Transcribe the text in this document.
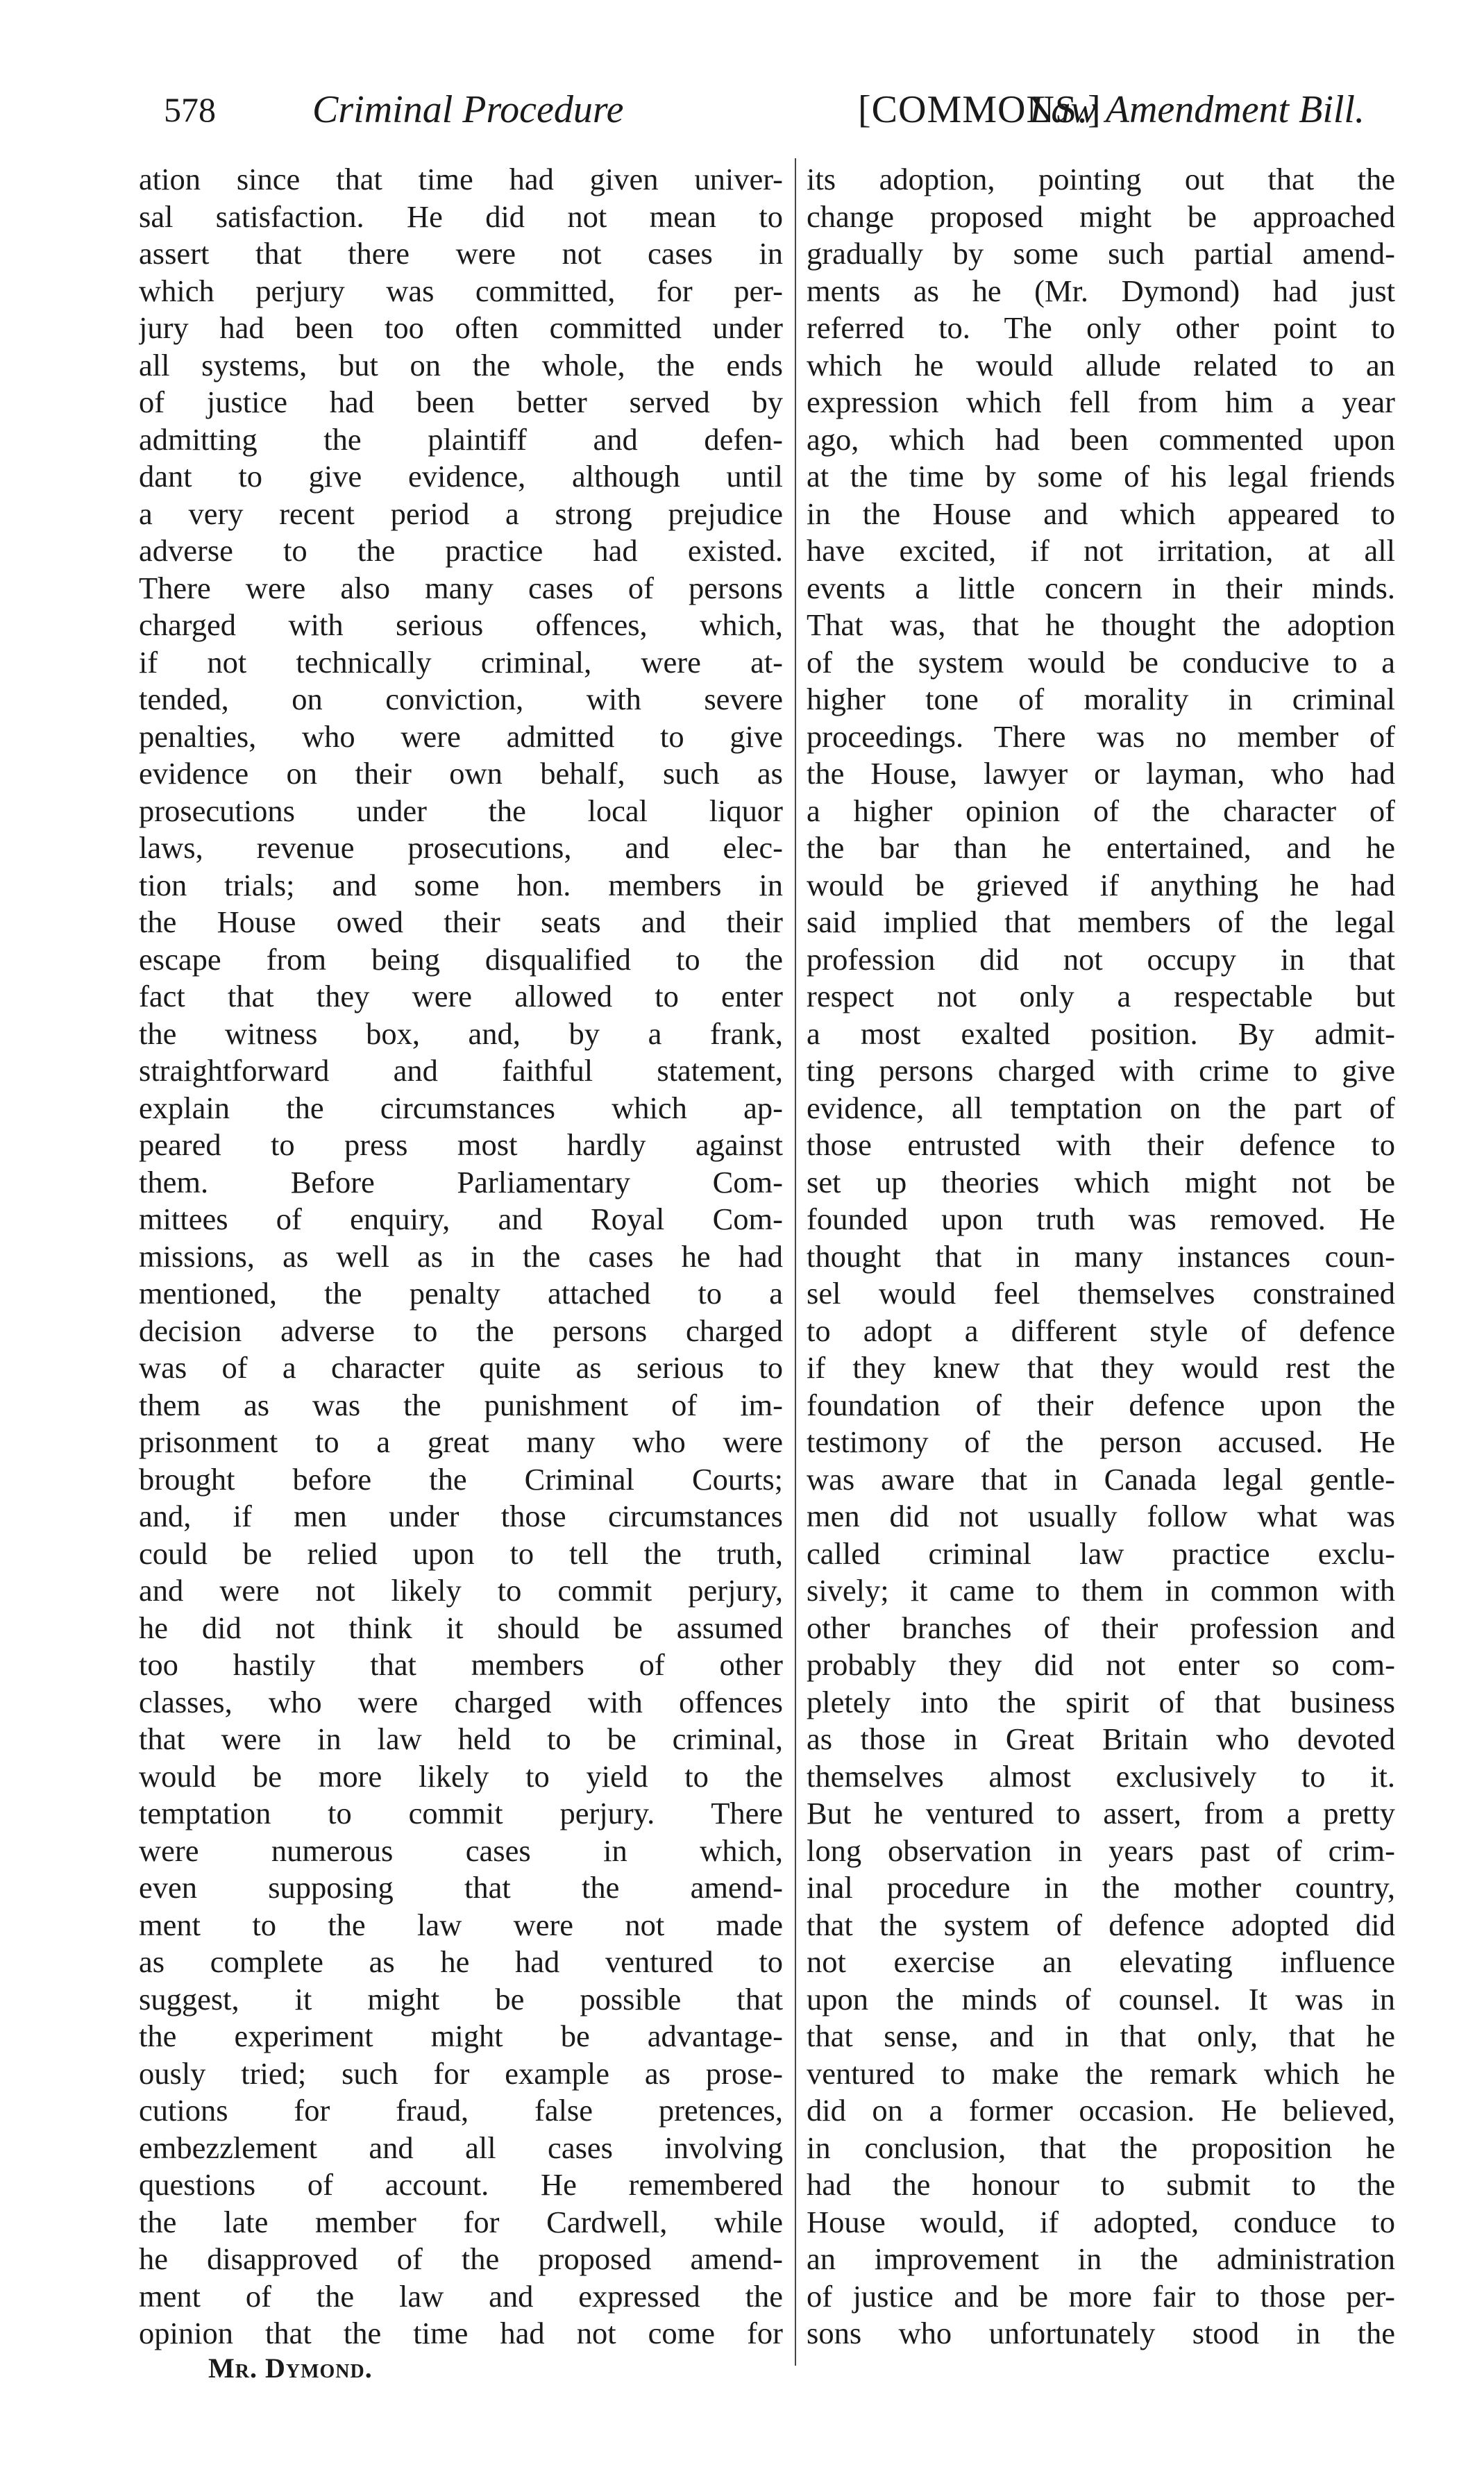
578 Criminal Procedure	[COMMONS.]
Law Amendment Bill.
ation since that time had given univer-
sal satisfaction. He did not mean to
assert that there were not cases in
which perjury was committed, for per-
jury had been too often committed under
all systems, but on the whole, the ends
of justice had been better served by
admitting the plaintiff and defen-
dant to give evidence, although until
a very recent period a strong prejudice
adverse to the practice had existed.
There were also many cases of persons
charged with serious offences, which,
if not technically criminal, were at-
tended, on conviction, with severe
penalties, who were admitted to give
evidence on their own behalf, such as
prosecutions under the local liquor
laws, revenue prosecutions, and elec-
tion trials; and some hon. members in
the House owed their seats and their
escape from being disqualified to the
fact that they were allowed to enter
the witness box, and, by a frank,
straightforward and faithful statement,
explain the circumstances which ap-
peared to press most hardly against
them. Before Parliamentary Com-
mittees of enquiry, and Royal Com-
missions, as well as in the cases he had
mentioned, the penalty attached to a
decision adverse to the persons charged
was of a character quite as serious to
them as was the punishment of im-
prisonment to a great many who were
brought before the Criminal Courts;
and, if men under those circumstances
could be relied upon to tell the truth,
and were not likely to commit perjury,
he did not think it should be assumed
too hastily that members of other
classes, who were charged with offences
that were in law held to be criminal,
would be more likely to yield to the
temptation to commit perjury. There
were numerous cases in which,
even supposing that the amend-
ment to the law were not made
as complete as he had ventured to
suggest, it might be possible that
the experiment might be advantage-
ously tried; such for example as prose-
cutions for fraud, false pretences,
embezzlement and all cases involving
questions of account. He remembered
the late member for Cardwell, while
he disapproved of the proposed amend-
ment of the law and expressed the
opinion that the time had not come for
its adoption, pointing out that the
change proposed might be approached
gradually by some such partial amend-
ments as he (Mr. Dymond) had just
referred to. The only other point to
which he would allude related to an
expression which fell from him a year
ago, which had been commented upon
at the time by some of his legal friends
in the House and which appeared to
have excited, if not irritation, at all
events a little concern in their minds.
That was, that he thought the adoption
of the system would be conducive to a
higher tone of morality in criminal
proceedings. There was no member of
the House, lawyer or layman, who had
a higher opinion of the character of
the bar than he entertained, and he
would be grieved if anything he had
said implied that members of the legal
profession did not occupy in that
respect not only a respectable but
a most exalted position. By admit-
ting persons charged with crime to give
evidence, all temptation on the part of
those entrusted with their defence to
set up theories which might not be
founded upon truth was removed. He
thought that in many instances coun-
sel would feel themselves constrained
to adopt a different style of defence
if they knew that they would rest the
foundation of their defence upon the
testimony of the person accused. He
was aware that in Canada legal gentle-
men did not usually follow what was
called criminal law practice exclu-
sively; it came to them in common with
other branches of their profession and
probably they did not enter so com-
pletely into the spirit of that business
as those in Great Britain who devoted
themselves almost exclusively to it.
But he ventured to assert, from a pretty
long observation in years past of crim-
inal procedure in the mother country,
that the system of defence adopted did
not exercise an elevating influence
upon the minds of counsel. It was in
that sense, and in that only, that he
ventured to make the remark which he
did on a former occasion. He believed,
in conclusion, that the proposition he
had the honour to submit to the
House would, if adopted, conduce to
an improvement in the administration
of justice and be more fair to those per-
sons who unfortunately stood in the
Mr. Dymond.
